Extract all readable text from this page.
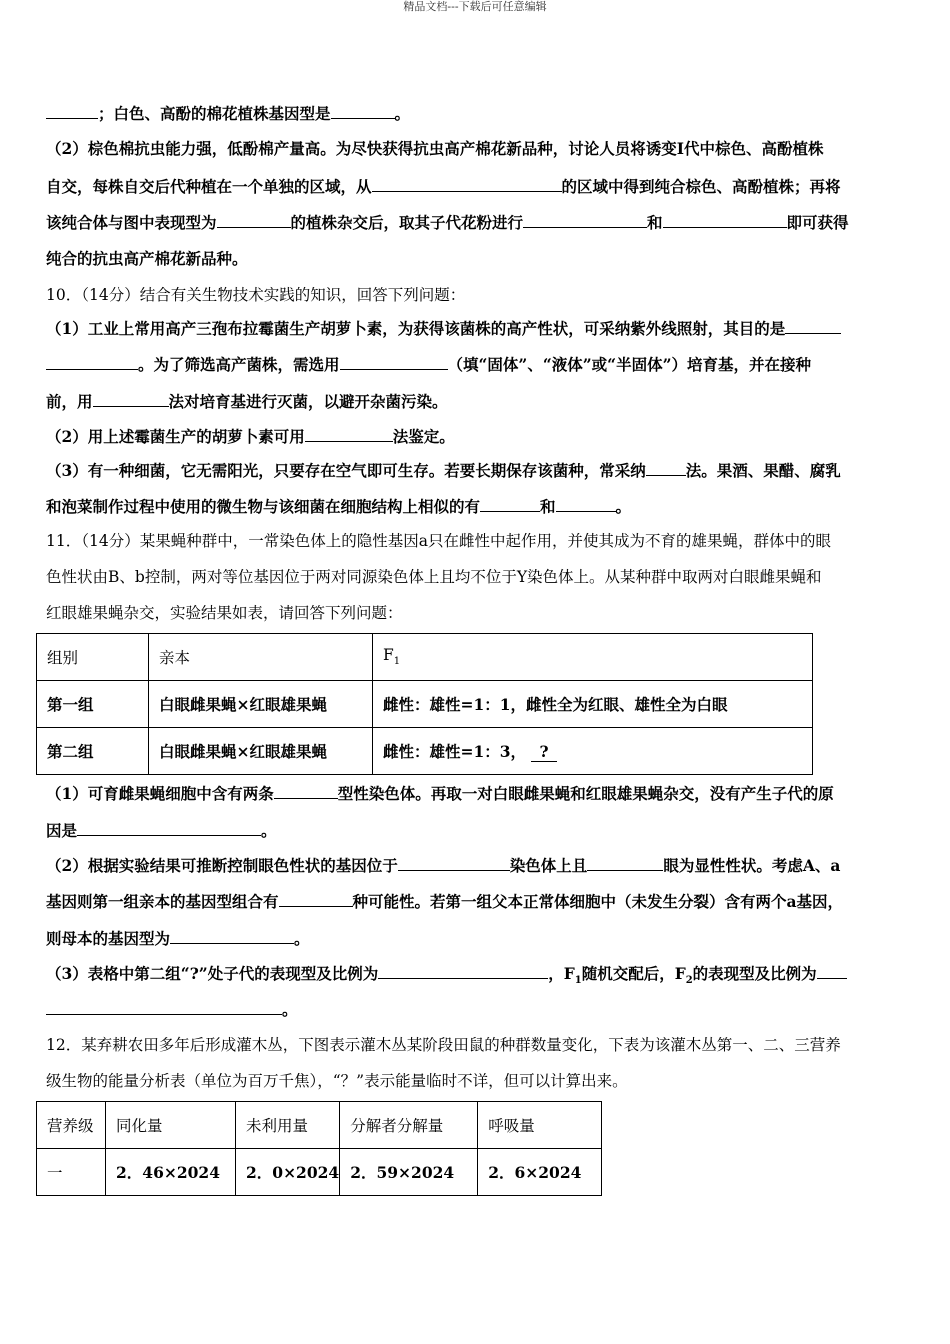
精品文档---下载后可任意编辑
；白色、高酚的棉花植株基因型是	。
（2）棕色棉抗虫能力强，低酚棉产量高。为尽快获得抗虫高产棉花新品种，讨论人员将诱变Ⅰ代中棕色、高酚植株
自交，每株自交后代种植在一个单独的区域，从	的区域中得到纯合棕色、高酚植株；再将
该纯合体与图中表现型为	的植株杂交后，取其子代花粉进行	和	即可获得
纯合的抗虫高产棉花新品种。
10．（14分）结合有关生物技术实践的知识，回答下列问题：
（1）工业上常用高产三孢布拉霉菌生产胡萝卜素，为获得该菌株的高产性状，可采纳紫外线照射，其目的是
。为了筛选高产菌株，需选用	（填“固体”、“液体”或“半固体”）培育基，并在接种
前，用	法对培育基进行灭菌，以避开杂菌污染。
（2）用上述霉菌生产的胡萝卜素可用	法鉴定。
（3）有一种细菌，它无需阳光，只要存在空气即可生存。若要长期保存该菌种，常采纳	法。果酒、果醋、腐乳
和泡菜制作过程中使用的微生物与该细菌在细胞结构上相似的有	和	。
11．（14分）某果蝇种群中，一常染色体上的隐性基因a只在雌性中起作用，并使其成为不育的雄果蝇，群体中的眼
色性状由B、b控制，两对等位基因位于两对同源染色体上且均不位于Y染色体上。从某种群中取两对白眼雌果蝇和
红眼雄果蝇杂交，实验结果如表，请回答下列问题：
组别	亲本	$F_1$
第一组	白眼雌果蝇×红眼雄果蝇	雌性：雄性=1：1，雌性全为红眼、雄性全为白眼
第二组	白眼雌果蝇×红眼雄果蝇	雌性：雄性=1：3， ?
（1）可育雌果蝇细胞中含有两条	型性染色体。再取一对白眼雌果蝇和红眼雄果蝇杂交，没有产生子代的原
因是	。
（2）根据实验结果可推断控制眼色性状的基因位于	染色体上且	眼为显性性状。考虑A、a
基因则第一组亲本的基因型组合有	种可能性。若第一组父本正常体细胞中（未发生分裂）含有两个a基因，
则母本的基因型为	。
（3）表格中第二组“?”处子代的表现型及比例为	，$F_1$随机交配后，$F_2$的表现型及比例为
。
12．某弃耕农田多年后形成灌木丛，下图表示灌木丛某阶段田鼠的种群数量变化，下表为该灌木丛第一、二、三营养
级生物的能量分析表（单位为百万千焦），“？”表示能量临时不详，但可以计算出来。
营养级	同化量	未利用量	分解者分解量	呼吸量
一	2．46×2024	2．0×2024	2．59×2024	2．6×2024
